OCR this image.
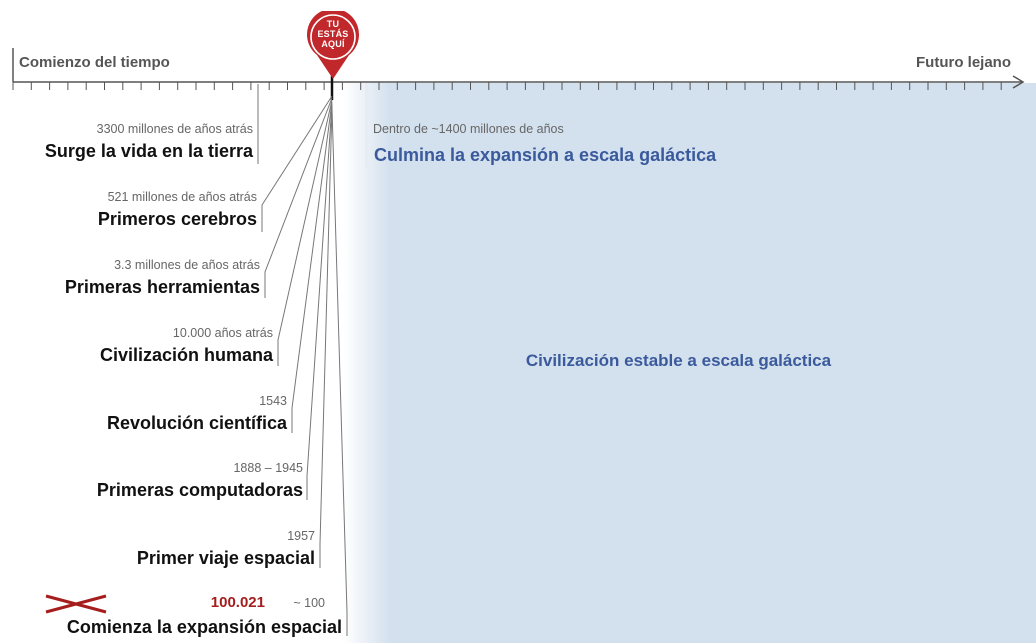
Comienzo del tiempo	Futuro lejano
TU
ESTÁS
AQUÍ
3300 millones de años atrás
Surge la vida en la tierra
521 millones de años atrás
Primeros cerebros
3.3 millones de años atrás
Primeras herramientas
10.000 años atrás
Civilización humana
1543
Revolución científica
1888 – 1945
Primeras computadoras
1957
Primer viaje espacial
100.021 ~ 100
Comienza la expansión espacial
Dentro de ~1400 millones de años
Culmina la expansión a escala galáctica
Civilización estable a escala galáctica
